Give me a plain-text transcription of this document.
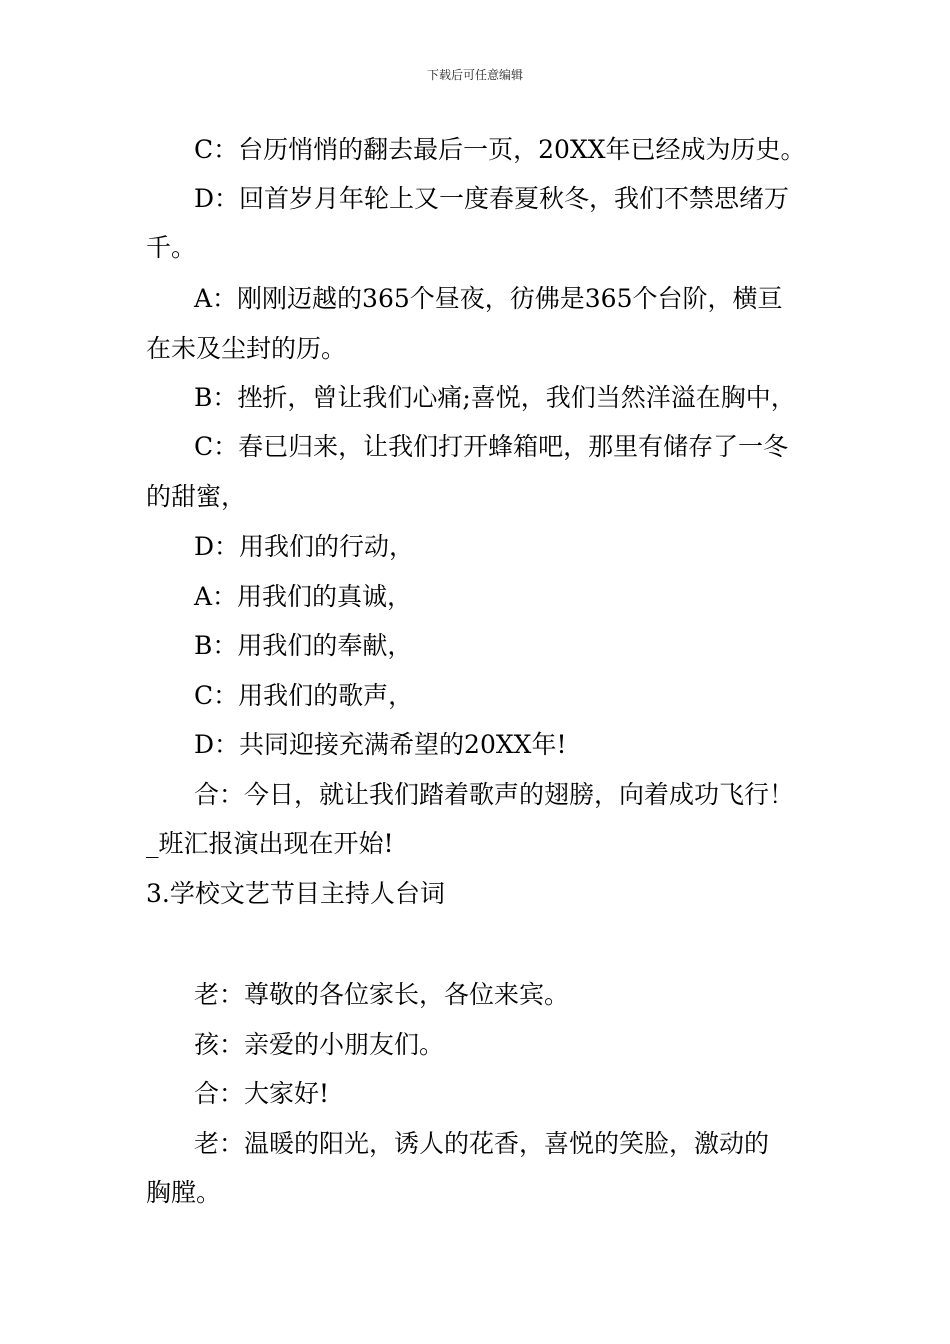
下载后可任意编辑
C：台历悄悄的翻去最后一页，20XX年已经成为历史。
D：回首岁月年轮上又一度春夏秋冬，我们不禁思绪万
千。
A：刚刚迈越的365个昼夜，彷佛是365个台阶，横亘
在未及尘封的历。
B：挫折，曾让我们心痛;喜悦，我们当然洋溢在胸中，
C：春已归来，让我们打开蜂箱吧，那里有储存了一冬
的甜蜜，
D：用我们的行动，
A：用我们的真诚，
B：用我们的奉献，
C：用我们的歌声，
D：共同迎接充满希望的20XX年!
合：今日，就让我们踏着歌声的翅膀，向着成功飞行！
_班汇报演出现在开始!
3.学校文艺节目主持人台词
老：尊敬的各位家长，各位来宾。
孩：亲爱的小朋友们。
合：大家好!
老：温暖的阳光，诱人的花香，喜悦的笑脸，激动的
胸膛。
